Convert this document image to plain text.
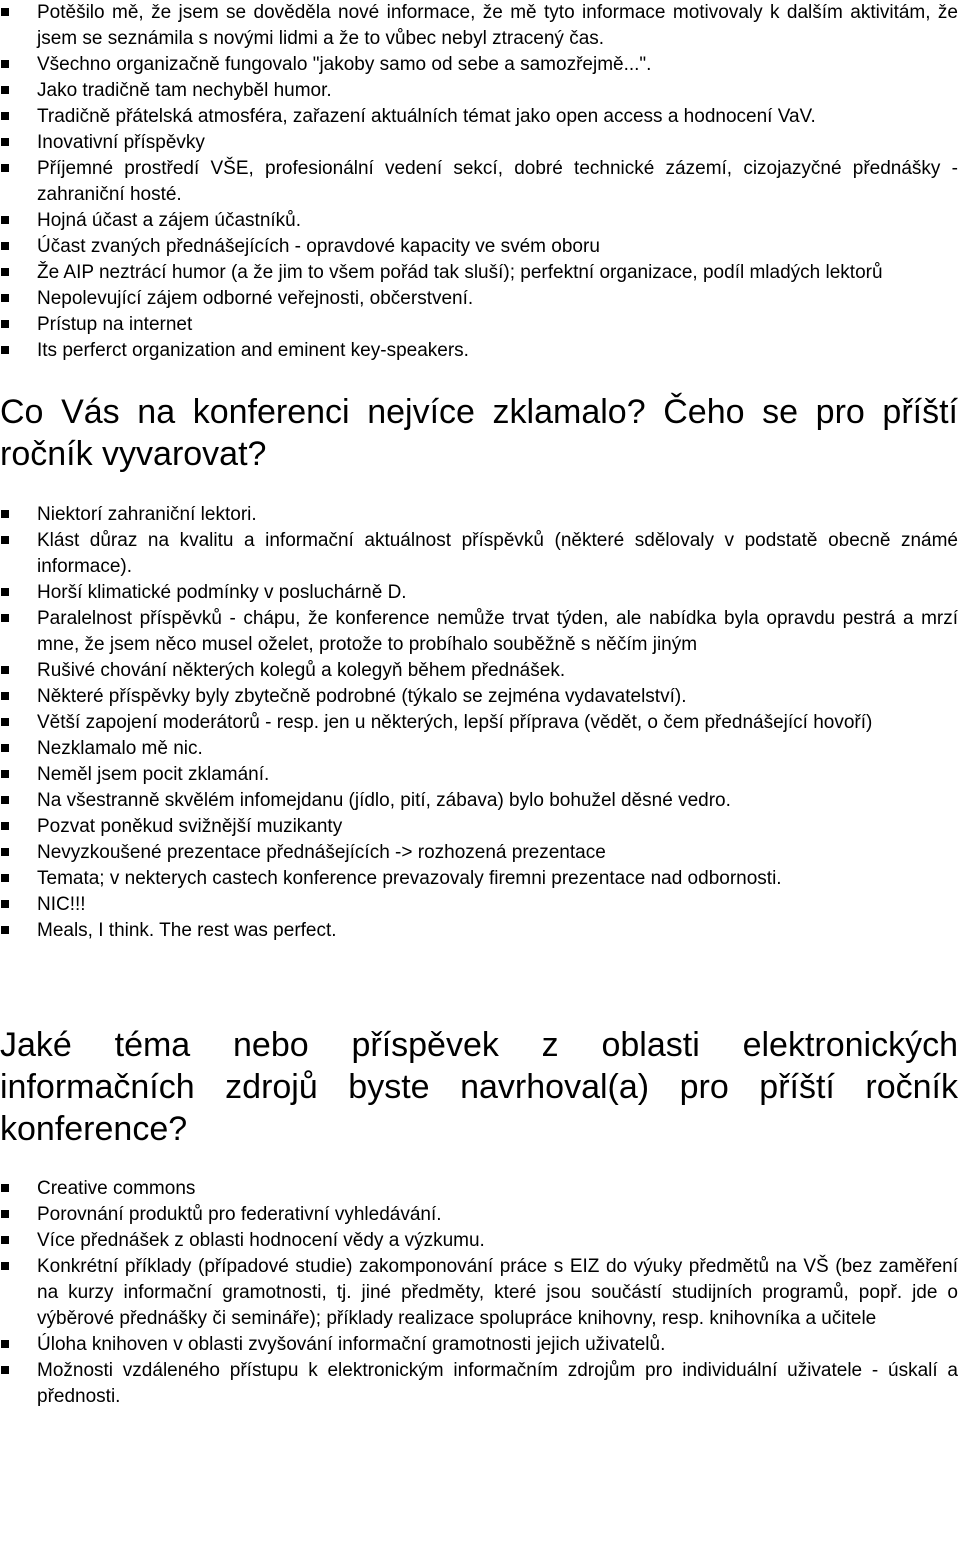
Potěšilo mě, že jsem se dověděla nové informace, že mě tyto informace motivovaly k dalším aktivitám, že jsem se seznámila s novými lidmi a že to vůbec nebyl ztracený čas.
Všechno organizačně fungovalo "jakoby samo od sebe a samozřejmě...".
Jako tradičně tam nechyběl humor.
Tradičně přátelská atmosféra, zařazení aktuálních témat jako open access a hodnocení VaV.
Inovativní příspěvky
Příjemné prostředí VŠE, profesionální vedení sekcí, dobré technické zázemí, cizojazyčné přednášky - zahraniční hosté.
Hojná účast a zájem účastníků.
Účast zvaných přednášejících - opravdové kapacity ve svém oboru
Že AIP neztrácí humor (a že jim to všem pořád tak sluší); perfektní organizace, podíl mladých lektorů
Nepolevující zájem odborné veřejnosti, občerstvení.
Prístup na internet
Its perferct organization and eminent key-speakers.
Co Vás na konferenci nejvíce zklamalo? Čeho se pro příští ročník vyvarovat?
Niektorí zahraniční lektori.
Klást důraz na kvalitu a informační aktuálnost příspěvků (některé sdělovaly v podstatě obecně známé informace).
Horší klimatické podmínky v posluchárně D.
Paralelnost příspěvků - chápu, že konference nemůže trvat týden, ale nabídka byla opravdu pestrá a mrzí mne, že jsem něco musel oželet, protože to probíhalo souběžně s něčím jiným
Rušivé chování některých kolegů a kolegyň během přednášek.
Některé příspěvky byly zbytečně podrobné (týkalo se zejména vydavatelství).
Větší zapojení moderátorů - resp. jen u některých, lepší příprava (vědět, o čem přednášející hovoří)
Nezklamalo mě nic.
Neměl jsem pocit zklamání.
Na všestranně skvělém infomejdanu (jídlo, pití, zábava) bylo bohužel děsné vedro.
Pozvat poněkud svižnější muzikanty
Nevyzkoušené prezentace přednášejících -> rozhozená prezentace
Temata; v nekterych castech konference prevazovaly firemni prezentace nad odbornosti.
NIC!!!
Meals, I think. The rest was perfect.
Jaké téma nebo příspěvek z oblasti elektronických informačních zdrojů byste navrhoval(a) pro příští ročník konference?
Creative commons
Porovnání produktů pro federativní vyhledávání.
Více přednášek z oblasti hodnocení vědy a výzkumu.
Konkrétní příklady (případové studie) zakomponování práce s EIZ do výuky předmětů na VŠ (bez zaměření na kurzy informační gramotnosti, tj. jiné předměty, které jsou součástí studijních programů, popř. jde o výběrové přednášky či semináře); příklady realizace spolupráce knihovny, resp. knihovníka a učitele
Úloha knihoven v oblasti zvyšování informační gramotnosti jejich uživatelů.
Možnosti vzdáleného přístupu k elektronickým informačním zdrojům pro individuální uživatele - úskalí a přednosti.
